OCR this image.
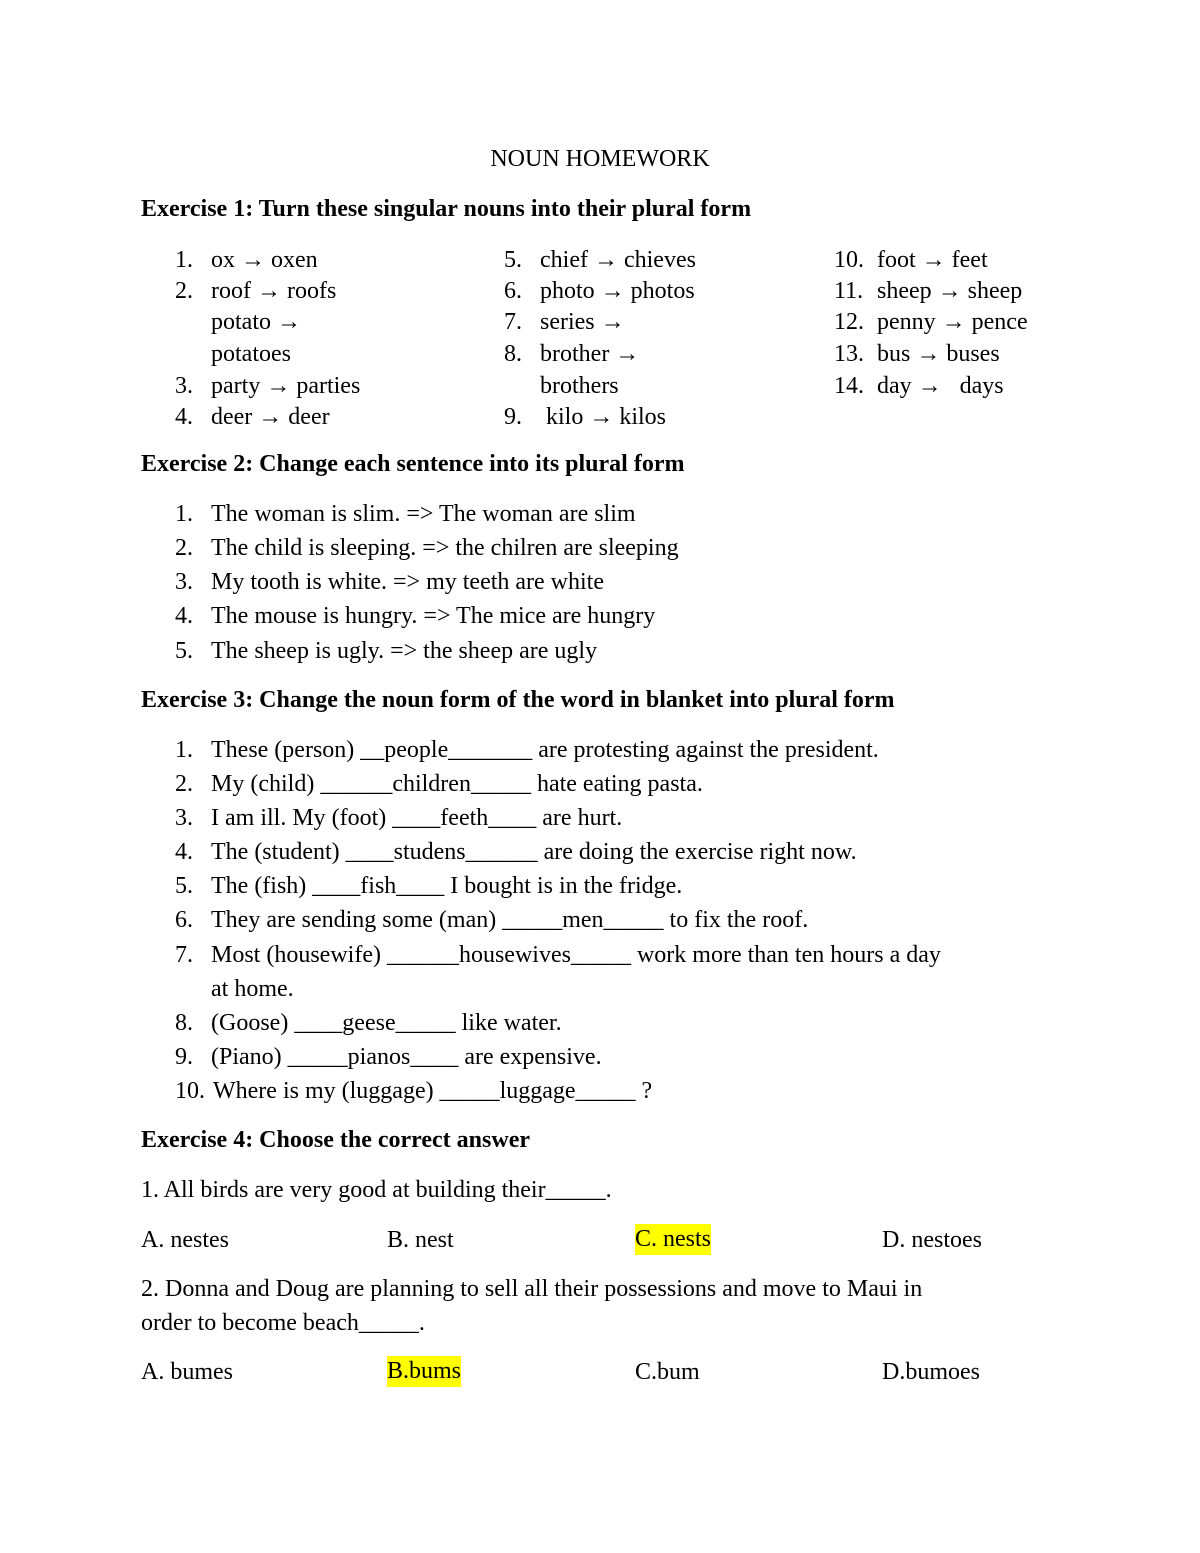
NOUN HOMEWORK
Exercise 1: Turn these singular nouns into their plural form
1. ox → oxen
2. roof → roofs
potato →
potatoes
3. party → parties
4. deer → deer
5. chief → chieves
6. photo → photos
7. series →
8. brother →
brothers
9. kilo → kilos
10. foot → feet
11. sheep → sheep
12. penny → pence
13. bus → buses
14. day →   days
Exercise 2: Change each sentence into its plural form
1. The woman is slim. => The woman are slim
2. The child is sleeping. => the chilren are sleeping
3. My tooth is white. => my teeth are white
4. The mouse is hungry. => The mice are hungry
5. The sheep is ugly. => the sheep are ugly
Exercise 3: Change the noun form of the word in blanket into plural form
1. These (person) __people_______ are protesting against the president.
2. My (child) ______children_____ hate eating pasta.
3. I am ill. My (foot) ____feeth____ are hurt.
4. The (student) ____studens______ are doing the exercise right now.
5. The (fish) ____fish____ I bought is in the fridge.
6. They are sending some (man) _____men_____ to fix the roof.
7. Most (housewife) ______housewives_____ work more than ten hours a day
at home.
8. (Goose) ____geese_____ like water.
9. (Piano) _____pianos____ are expensive.
10. Where is my (luggage) _____luggage_____ ?
Exercise 4: Choose the correct answer
1. All birds are very good at building their_____.
A. nestes	B. nest	C. nests	D. nestoes
2. Donna and Doug are planning to sell all their possessions and move to Maui in
order to become beach_____.
A. bumes	B.bums	C.bum	D.bumoes
